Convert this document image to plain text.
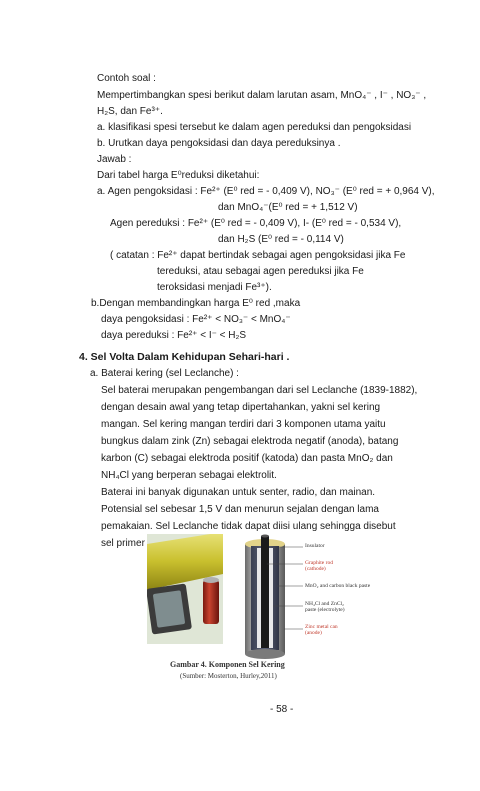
Contoh soal :
Mempertimbangkan spesi berikut dalam larutan asam, MnO₄⁻ , I⁻ , NO₃⁻ ,
H₂S, dan Fe³⁺.
a. klasifikasi spesi tersebut ke dalam agen pereduksi dan pengoksidasi
b. Urutkan daya pengoksidasi dan daya pereduksinya .
Jawab :
Dari tabel harga E⁰reduksi diketahui:
a. Agen pengoksidasi : Fe²⁺ (E⁰ red = - 0,409 V), NO₃⁻ (E⁰ red = + 0,964 V),
dan MnO₄⁻(E⁰ red = + 1,512 V)
Agen pereduksi : Fe²⁺ (E⁰ red = - 0,409 V), I- (E⁰ red = - 0,534 V),
dan H₂S (E⁰ red = - 0,114 V)
( catatan : Fe²⁺ dapat bertindak sebagai agen pengoksidasi jika Fe
tereduksi, atau sebagai agen pereduksi jika Fe
teroksidasi menjadi Fe³⁺).
b.Dengan membandingkan harga E⁰ red ,maka
daya pengoksidasi : Fe²⁺ < NO₃⁻ < MnO₄⁻
daya pereduksi : Fe²⁺ < I⁻ < H₂S
4. Sel Volta Dalam Kehidupan Sehari-hari .
a. Baterai kering (sel Leclanche) :
Sel baterai merupakan pengembangan dari sel Leclanche (1839-1882),
dengan desain awal yang tetap dipertahankan, yakni sel kering
mangan. Sel kering mangan terdiri dari 3 komponen utama yaitu
bungkus dalam zink (Zn) sebagai elektroda negatif (anoda), batang
karbon (C) sebagai elektroda positif (katoda) dan pasta MnO₂ dan
NH₄Cl yang berperan sebagai elektrolit.
Baterai ini banyak digunakan untuk senter, radio, dan mainan.
Potensial sel sebesar 1,5 V dan menurun sejalan dengan lama
pemakaian. Sel Leclanche tidak dapat diisi ulang sehingga disebut
sel primer	Insulator
Graphite rod (cathode)
MnO₂ and carbon black paste
NH₄Cl and ZnCl₂ paste (electrolyte)
Zinc metal can (anode)
Gambar 4. Komponen Sel Kering
(Sumber: Mosterton, Hurley,2011)
- 58 -
